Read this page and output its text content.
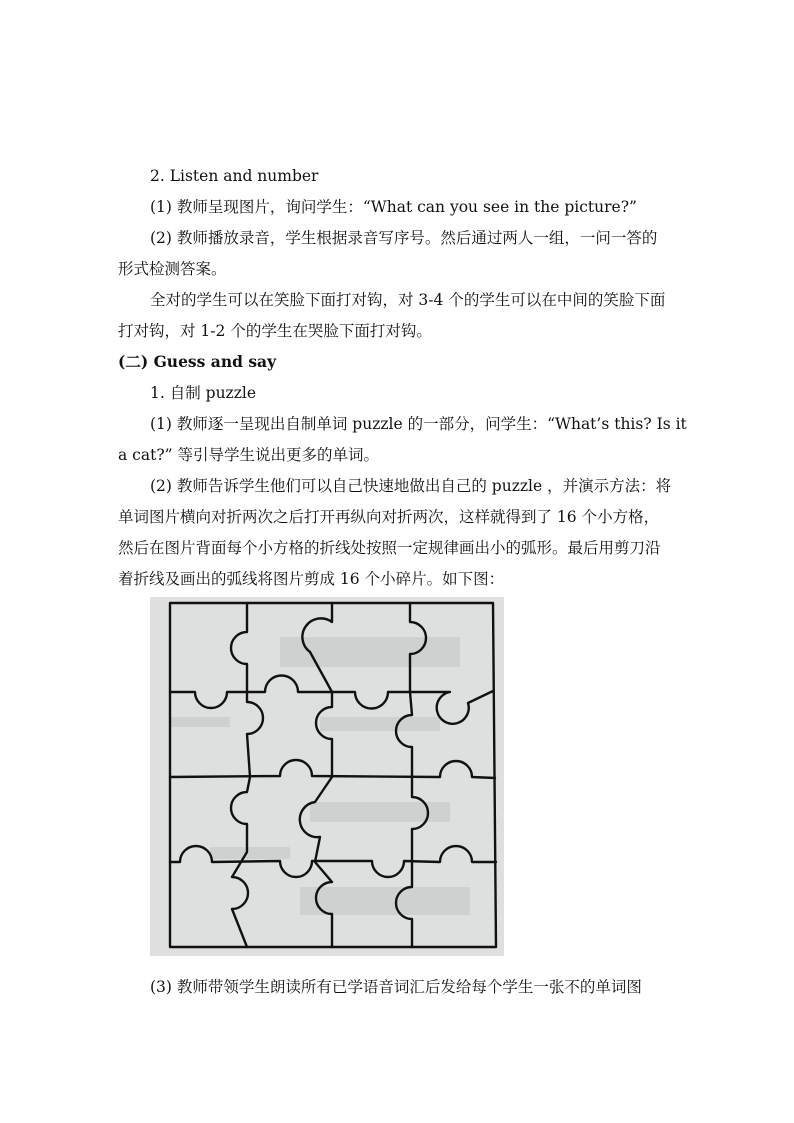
2. Listen and number
(1) 教师呈现图片，询问学生：“What can you see in the picture?”
(2) 教师播放录音，学生根据录音写序号。然后通过两人一组，一问一答的
形式检测答案。
全对的学生可以在笑脸下面打对钩，对 3-4 个的学生可以在中间的笑脸下面
打对钩，对 1-2 个的学生在哭脸下面打对钩。
(二) Guess and say
1. 自制 puzzle
(1) 教师逐一呈现出自制单词 puzzle 的一部分，问学生：“What’s this? Is it
a cat?” 等引导学生说出更多的单词。
(2) 教师告诉学生他们可以自己快速地做出自己的 puzzle ，并演示方法：将
单词图片横向对折两次之后打开再纵向对折两次，这样就得到了 16 个小方格，
然后在图片背面每个小方格的折线处按照一定规律画出小的弧形。最后用剪刀沿
着折线及画出的弧线将图片剪成 16 个小碎片。如下图：
(3) 教师带领学生朗读所有已学语音词汇后发给每个学生一张不的单词图
